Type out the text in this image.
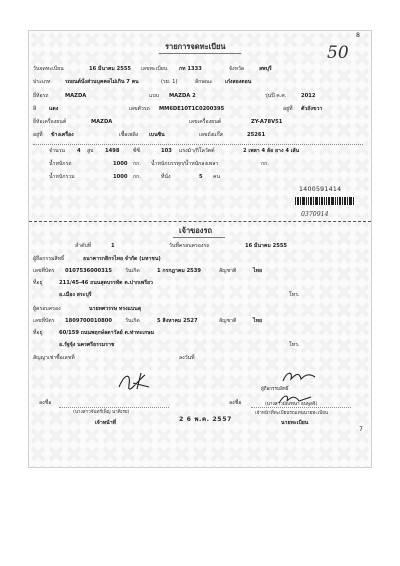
8
50
รายการจดทะเบียน
วันจดทะเบียน	16 มีนาคม 2555 เลขทะเบียน กท 1333	จังหวัด	ลพบุรี
ประเภท	รถยนต์นั่งส่วนบุคคลไม่เกิน 7 คน	(รย. 1)	ลักษณะ เก๋งสองตอน
ยี่ห้อรถ	MAZDA	แบบ MAZDA 2	รุ่นปี ค.ศ.	2012
สี แดง	เลขตัวรถ MM6DE10T1C0200395	อยู่ที่ ตัวถังขวา
ยี่ห้อเครื่องยนต์	MAZDA	เลขเครื่องยนต์	ZY-A78V51
อยู่ที่ ข้างเครื่อง	เชื้อเพลิง เบนซิน	เลขถังแก๊ส	25261
จำนวน 4 สูบ 1498	ซีซี	103 แรงม้า/กิโลวัตต์	2 เพลา 4 ล้อ ยาง 4 เส้น
น้ำหนักรถ	1000 กก. น้ำหนักบรรทุก/น้ำหนักลงเพลา	กก.
น้ำหนักรวม	1000 กก.	ที่นั่ง	5 คน
1400591414
0370914
เจ้าของรถ
ลำดับที่	1	วันที่ครอบครองรถ	16 มีนาคม 2555
ผู้ถือกรรมสิทธิ์	ธนาคารกสิกรไทย จำกัด (มหาชน)
เลขที่บัตร 0107536000315	วันเกิด	1 กรกฎาคม 2539	สัญชาติ	ไทย
ที่อยู่	211/45-46 ถนนสุดบรรทัด ต.ปากเพรียว
อ.เมือง สระบุรี	โทร.
ผู้ครอบครอง	นายทศวรรษ ทรงแบนดุ
เลขที่บัตร 1809700010800	วันเกิด	5 สิงหาคม 2527	สัญชาติ	ไทย
ที่อยู่	60/159 ถนนพฤกษ์ลดาวัลย์ ต.ท่าทะเกษม
อ.รัฐจุ้ง นครศรีธรรมราช	โทร.
สัญญาเช่าซื้อเลขที่	ลงวันที่
ผู้ถือกรรมสิทธิ์
ลงชื่อ
(นางสาวจันทร์เพ็ญ นาคิเรย)
เจ้าหน้าที่	2 6 พ.ค. 2557
ลงชื่อ	(นางสาวมัณฑนา ธนพูลจิ)
เจ้าหน้าที่ทะเบียนรถแทนนายทะเบียน
นายทะเบียน
7
